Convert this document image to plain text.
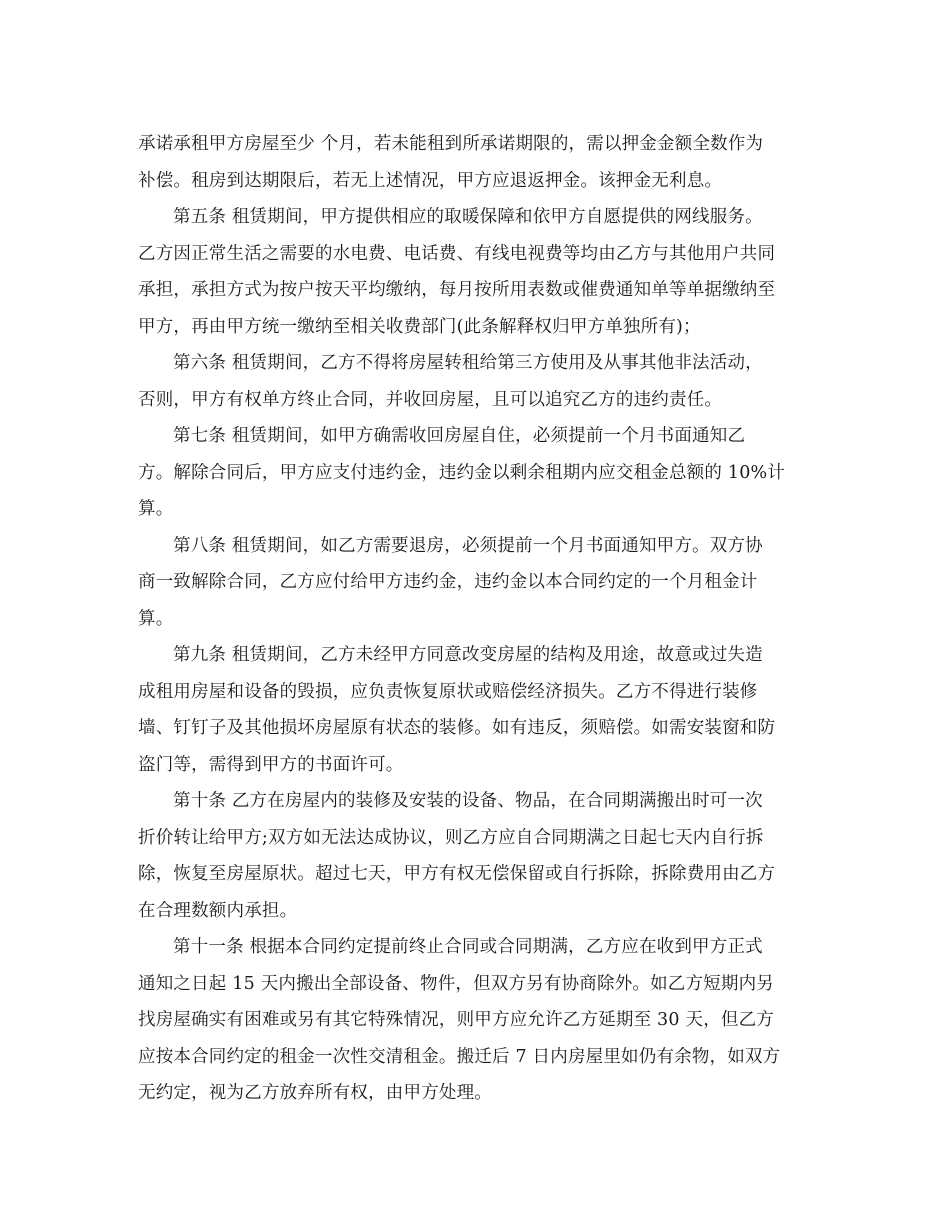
承诺承租甲方房屋至少 个月，若未能租到所承诺期限的，需以押金金额全数作为
补偿。租房到达期限后，若无上述情况，甲方应退返押金。该押金无利息。

第五条 租赁期间，甲方提供相应的取暖保障和依甲方自愿提供的网线服务。
乙方因正常生活之需要的水电费、电话费、有线电视费等均由乙方与其他用户共同
承担，承担方式为按户按天平均缴纳，每月按所用表数或催费通知单等单据缴纳至
甲方，再由甲方统一缴纳至相关收费部门(此条解释权归甲方单独所有)；

第六条 租赁期间，乙方不得将房屋转租给第三方使用及从事其他非法活动，
否则，甲方有权单方终止合同，并收回房屋，且可以追究乙方的违约责任。

第七条 租赁期间，如甲方确需收回房屋自住，必须提前一个月书面通知乙
方。解除合同后，甲方应支付违约金，违约金以剩余租期内应交租金总额的 10%计
算。

第八条 租赁期间，如乙方需要退房，必须提前一个月书面通知甲方。双方协
商一致解除合同，乙方应付给甲方违约金，违约金以本合同约定的一个月租金计
算。

第九条 租赁期间，乙方未经甲方同意改变房屋的结构及用途，故意或过失造
成租用房屋和设备的毁损，应负责恢复原状或赔偿经济损失。乙方不得进行装修
墙、钉钉子及其他损坏房屋原有状态的装修。如有违反，须赔偿。如需安装窗和防
盗门等，需得到甲方的书面许可。

第十条 乙方在房屋内的装修及安装的设备、物品，在合同期满搬出时可一次
折价转让给甲方;双方如无法达成协议，则乙方应自合同期满之日起七天内自行拆
除，恢复至房屋原状。超过七天，甲方有权无偿保留或自行拆除，拆除费用由乙方
在合理数额内承担。

第十一条 根据本合同约定提前终止合同或合同期满，乙方应在收到甲方正式
通知之日起 15 天内搬出全部设备、物件，但双方另有协商除外。如乙方短期内另
找房屋确实有困难或另有其它特殊情况，则甲方应允许乙方延期至 30 天，但乙方
应按本合同约定的租金一次性交清租金。搬迁后 7 日内房屋里如仍有余物，如双方
无约定，视为乙方放弃所有权，由甲方处理。
